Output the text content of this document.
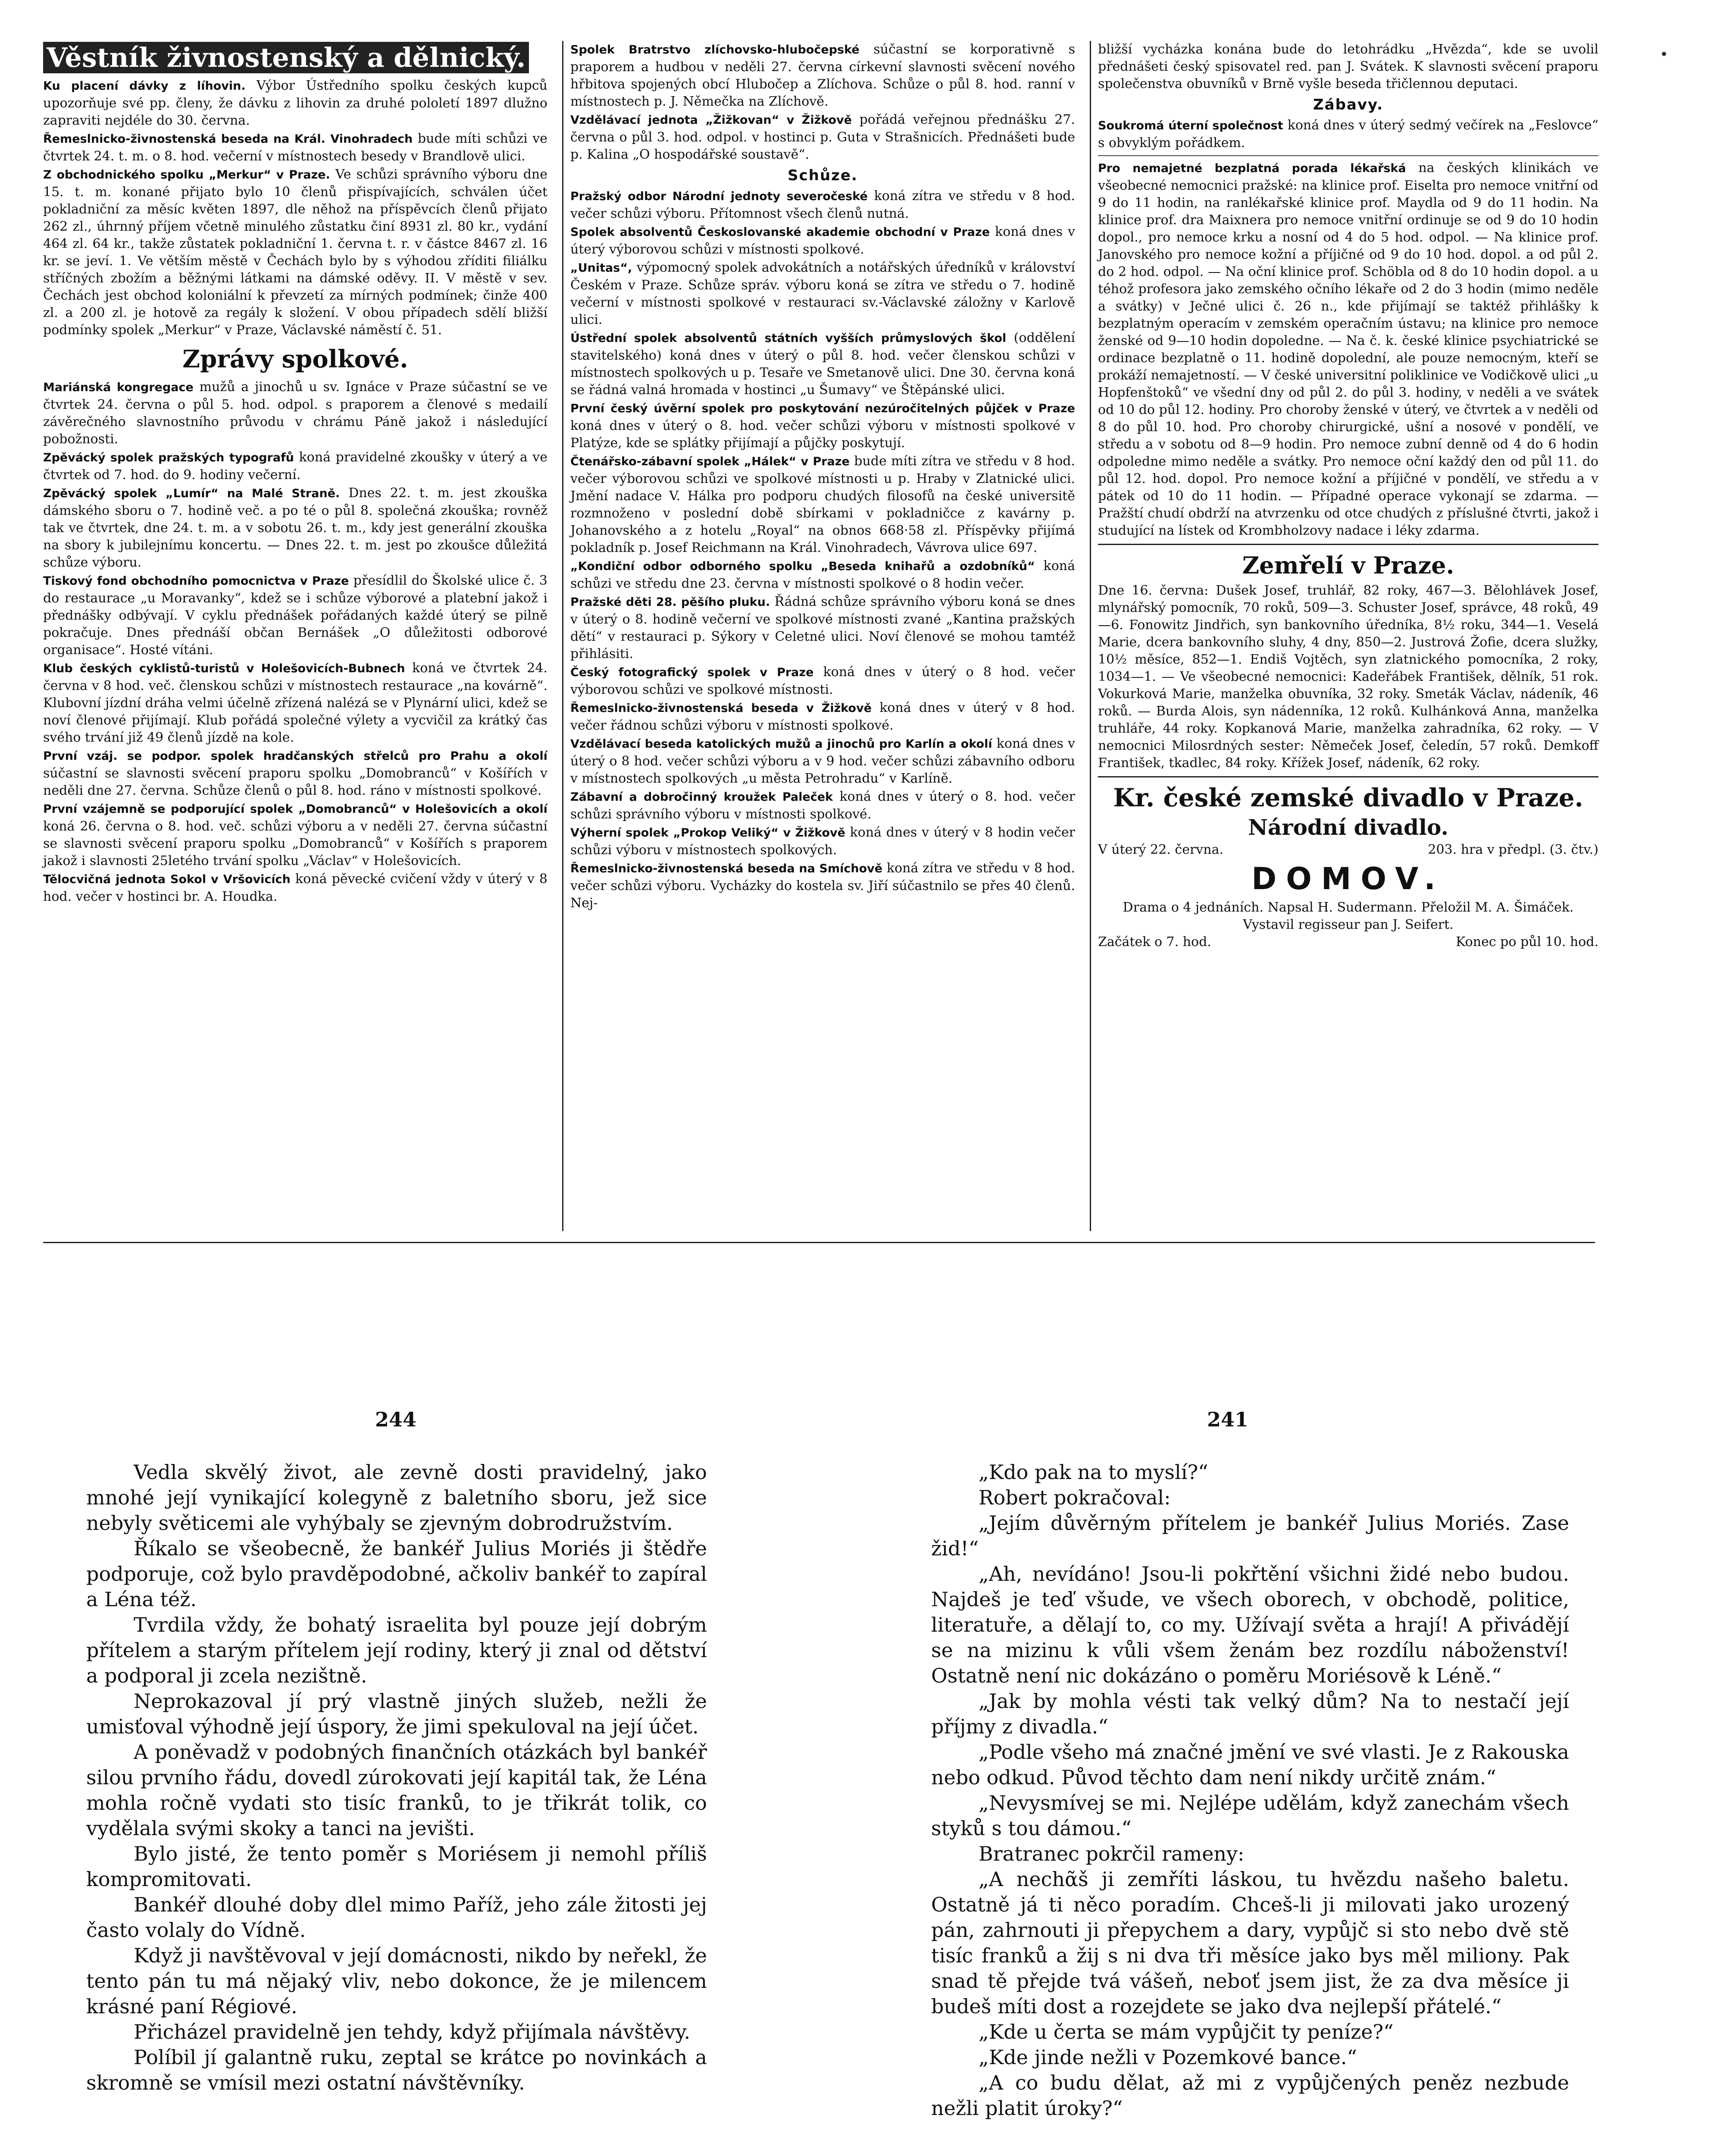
Věstník živnostenský a dělnický.

Ku placení dávky z líhovin. Výbor Ústředního spolku českých kupců upozorňuje své pp. členy, že dávku z lihovin za druhé pololetí 1897 dlužno zapraviti nejdéle do 30. června.

Řemeslnicko-živnostenská beseda na Král. Vinohradech bude míti schůzi ve čtvrtek 24. t. m. o 8. hod. večerní v místnostech besedy v Brandlově ulici.

Z obchodnického spolku „Merkur“ v Praze. Ve schůzi správního výboru dne 15. t. m. konané přijato bylo 10 členů přispívajících, schválen účet pokladniční za měsíc květen 1897, dle něhož na příspěvcích členů přijato 262 zl., úhrnný příjem včetně minulého zůstatku činí 8931 zl. 80 kr., vydání 464 zl. 64 kr., takže zůstatek pokladniční 1. června t. r. v částce 8467 zl. 16 kr. se jeví. 1. Ve větším městě v Čechách bylo by s výhodou zříditi filiálku stříčných zbožím a běžnými látkami na dámské oděvy. II. V městě v sev. Čechách jest obchod koloniální k převzetí za mírných podmínek; činže 400 zl. a 200 zl. je hotově za regály k složení. V obou případech sdělí bližší podmínky spolek „Merkur“ v Praze, Václavské náměstí č. 51.

Zprávy spolkové.

Mariánská kongregace mužů a jinochů u sv. Ignáce v Praze súčastní se ve čtvrtek 24. června o půl 5. hod. odpol. s praporem a členové s medailí závěrečného slavnostního průvodu v chrámu Páně jakož i následující pobožnosti.

Zpěvácký spolek pražských typografů koná pravidelné zkoušky v úterý a ve čtvrtek od 7. hod. do 9. hodiny večerní.

Zpěvácký spolek „Lumír“ na Malé Straně. Dnes 22. t. m. jest zkouška dámského sboru o 7. hodině več. a po té o půl 8. společná zkouška; rovněž tak ve čtvrtek, dne 24. t. m. a v sobotu 26. t. m., kdy jest generální zkouška na sbory k jubilejnímu koncertu. — Dnes 22. t. m. jest po zkoušce důležitá schůze výboru.

Tiskový fond obchodního pomocnictva v Praze přesídlil do Školské ulice č. 3 do restaurace „u Moravanky“, kdež se i schůze výborové a platební jakož i přednášky odbývají. V cyklu přednášek pořádaných každé úterý se pilně pokračuje. Dnes přednáší občan Bernášek „O důležitosti odborové organisace“. Hosté vítáni.

Klub českých cyklistů-turistů v Holešovicích-Bubnech koná ve čtvrtek 24. června v 8 hod. več. členskou schůzi v místnostech restaurace „na kovárně“. Klubovní jízdní dráha velmi účelně zřízená nalézá se v Plynární ulici, kdež se noví členové přijímají. Klub pořádá společné výlety a vycvičil za krátký čas svého trvání již 49 členů jízdě na kole.

První vzáj. se podpor. spolek hradčanských střelců pro Prahu a okolí súčastní se slavnosti svěcení praporu spolku „Domobranců“ v Košířích v neděli dne 27. června. Schůze členů o půl 8. hod. ráno v místnosti spolkové.

První vzájemně se podporující spolek „Domobranců“ v Holešovicích a okolí koná 26. června o 8. hod. več. schůzi výboru a v neděli 27. června súčastní se slavnosti svěcení praporu spolku „Domobranců“ v Košířích s praporem jakož i slavnosti 25letého trvání spolku „Václav“ v Holešovicích.

Tělocvičná jednota Sokol v Vršovicích koná pěvecké cvičení vždy v úterý v 8 hod. večer v hostinci br. A. Houdka.

Spolek Bratrstvo zlíchovsko-hlubočepské súčastní se korporativně s praporem a hudbou v neděli 27. června církevní slavnosti svěcení nového hřbitova spojených obcí Hlubočep a Zlíchova. Schůze o půl 8. hod. ranní v místnostech p. J. Němečka na Zlíchově.

Vzdělávací jednota „Žižkovan“ v Žižkově pořádá veřejnou přednášku 27. června o půl 3. hod. odpol. v hostinci p. Guta v Strašnicích. Přednášeti bude p. Kalina „O hospodářské soustavě“.

Schůze.

Pražský odbor Národní jednoty severočeské koná zítra ve středu v 8 hod. večer schůzi výboru. Přítomnost všech členů nutná.

Spolek absolventů Českoslovanské akademie obchodní v Praze koná dnes v úterý výborovou schůzi v místnosti spolkové.

„Unitas“, výpomocný spolek advokátních a notářských úředníků v království Českém v Praze. Schůze správ. výboru koná se zítra ve středu o 7. hodině večerní v místnosti spolkové v restauraci sv.-Václavské záložny v Karlově ulici.

Ústřední spolek absolventů státních vyšších průmyslových škol (oddělení stavitelského) koná dnes v úterý o půl 8. hod. večer členskou schůzi v místnostech spolkových u p. Tesaře ve Smetanově ulici. Dne 30. června koná se řádná valná hromada v hostinci „u Šumavy“ ve Štěpánské ulici.

První český úvěrní spolek pro poskytování nezúročitelných půjček v Praze koná dnes v úterý o 8. hod. večer schůzi výboru v místnosti spolkové v Platýze, kde se splátky přijímají a půjčky poskytují.

Čtenářsko-zábavní spolek „Hálek“ v Praze bude míti zítra ve středu v 8 hod. večer výborovou schůzi ve spolkové místnosti u p. Hraby v Zlatnické ulici. Jmění nadace V. Hálka pro podporu chudých filosofů na české universitě rozmnoženo v poslední době sbírkami v pokladničce z kavárny p. Johanovského a z hotelu „Royal“ na obnos 668·58 zl. Příspěvky přijímá pokladník p. Josef Reichmann na Král. Vinohradech, Vávrova ulice 697.

„Kondiční odbor odborného spolku „Beseda knihařů a ozdobníků“ koná schůzi ve středu dne 23. června v místnosti spolkové o 8 hodin večer.

Pražské děti 28. pěšího pluku. Řádná schůze správního výboru koná se dnes v úterý o 8. hodině večerní ve spolkové místnosti zvané „Kantina pražských dětí“ v restauraci p. Sýkory v Celetné ulici. Noví členové se mohou tamtéž přihlásiti.

Český fotografický spolek v Praze koná dnes v úterý o 8 hod. večer výborovou schůzi ve spolkové místnosti.

Řemeslnicko-živnostenská beseda v Žižkově koná dnes v úterý v 8 hod. večer řádnou schůzi výboru v místnosti spolkové.

Vzdělávací beseda katolických mužů a jinochů pro Karlín a okolí koná dnes v úterý o 8 hod. večer schůzi výboru a v 9 hod. večer schůzi zábavního odboru v místnostech spolkových „u města Petrohradu“ v Karlíně.

Zábavní a dobročinný kroužek Paleček koná dnes v úterý o 8. hod. večer schůzi správního výboru v místnosti spolkové.

Výherní spolek „Prokop Veliký“ v Žižkově koná dnes v úterý v 8 hodin večer schůzi výboru v místnostech spolkových.

Řemeslnicko-živnostenská beseda na Smíchově koná zítra ve středu v 8 hod. večer schůzi výboru. Vycházky do kostela sv. Jiří súčastnilo se přes 40 členů. Nej-

bližší vycházka konána bude do letohrádku „Hvězda“, kde se uvolil přednášeti český spisovatel red. pan J. Svátek. K slavnosti svěcení praporu společenstva obuvníků v Brně vyšle beseda třičlennou deputaci.

Zábavy.

Soukromá úterní společnost koná dnes v úterý sedmý večírek na „Feslovce“ s obvyklým pořádkem.

Pro nemajetné bezplatná porada lékařská na českých klinikách ve všeobecné nemocnici pražské: na klinice prof. Eiselta pro nemoce vnitřní od 9 do 11 hodin, na ranlékařské klinice prof. Maydla od 9 do 11 hodin. Na klinice prof. dra Maixnera pro nemoce vnitřní ordinuje se od 9 do 10 hodin dopol., pro nemoce krku a nosní od 4 do 5 hod. odpol. — Na klinice prof. Janovského pro nemoce kožní a příjičné od 9 do 10 hod. dopol. a od půl 2. do 2 hod. odpol. — Na oční klinice prof. Schöbla od 8 do 10 hodin dopol. a u téhož profesora jako zemského očního lékaře od 2 do 3 hodin (mimo neděle a svátky) v Ječné ulici č. 26 n., kde přijímají se taktéž přihlášky k bezplatným operacím v zemském operačním ústavu; na klinice pro nemoce ženské od 9—10 hodin dopoledne. — Na č. k. české klinice psychiatrické se ordinace bezplatně o 11. hodině dopolední, ale pouze nemocným, kteří se prokáží nemajetností. — V české universitní poliklinice ve Vodičkově ulici „u Hopfenštoků“ ve všední dny od půl 2. do půl 3. hodiny, v neděli a ve svátek od 10 do půl 12. hodiny. Pro choroby ženské v úterý, ve čtvrtek a v neděli od 8 do půl 10. hod. Pro choroby chirurgické, ušní a nosové v pondělí, ve středu a v sobotu od 8—9 hodin. Pro nemoce zubní denně od 4 do 6 hodin odpoledne mimo neděle a svátky. Pro nemoce oční každý den od půl 11. do půl 12. hod. dopol. Pro nemoce kožní a příjičné v pondělí, ve středu a v pátek od 10 do 11 hodin. — Případné operace vykonají se zdarma. — Pražští chudí obdrží na atvrzenku od otce chudých z příslušné čtvrti, jakož i studující na lístek od Krombholzovy nadace i léky zdarma.

Zemřelí v Praze.

Dne 16. června: Dušek Josef, truhlář, 82 roky, 467—3. Bělohlávek Josef, mlynářský pomocník, 70 roků, 509—3. Schuster Josef, správce, 48 roků, 49—6. Fonowitz Jindřich, syn bankovního úředníka, 8½ roku, 344—1. Veselá Marie, dcera bankovního sluhy, 4 dny, 850—2. Justrová Žofie, dcera služky, 10½ měsíce, 852—1. Endiš Vojtěch, syn zlatnického pomocníka, 2 roky, 1034—1. — Ve všeobecné nemocnici: Kadeřábek František, dělník, 51 rok. Vokurková Marie, manželka obuvníka, 32 roky. Smeták Václav, nádeník, 46 roků. — Burda Alois, syn nádenníka, 12 roků. Kulhánková Anna, manželka truhláře, 44 roky. Kopkanová Marie, manželka zahradníka, 62 roky. — V nemocnici Milosrdných sester: Němeček Josef, čeledín, 57 roků. Demkoff František, tkadlec, 84 roky. Křížek Josef, nádeník, 62 roky.

Kr. české zemské divadlo v Praze.
Národní divadlo.
V úterý 22. června.	203. hra v předpl. (3. čtv.)
DOMOV.
Drama o 4 jednáních. Napsal H. Sudermann. Přeložil M. A. Šimáček. Vystavil regisseur pan J. Seifert.
Začátek o 7. hod.	Konec po půl 10. hod.
244

Vedla skvělý život, ale zevně dosti pravidelný, jako mnohé její vynikající kolegyně z baletního sboru, jež sice nebyly světicemi ale vyhýbaly se zjevným dobrodružstvím.

Říkalo se všeobecně, že bankéř Julius Moriés ji štědře podporuje, což bylo pravděpodobné, ačkoliv bankéř to zapíral a Léna též.

Tvrdila vždy, že bohatý israelita byl pouze její dobrým přítelem a starým přítelem její rodiny, který ji znal od dětství a podporal ji zcela nezištně.

Neprokazoval jí prý vlastně jiných služeb, nežli že umisťoval výhodně její úspory, že jimi spekuloval na její účet.

A poněvadž v podobných finančních otázkách byl bankéř silou prvního řádu, dovedl zúrokovati její kapitál tak, že Léna mohla ročně vydati sto tisíc franků, to je třikrát tolik, co vydělala svými skoky a tanci na jevišti.

Bylo jisté, že tento poměr s Moriésem ji nemohl příliš kompromitovati.

Bankéř dlouhé doby dlel mimo Paříž, jeho zále žitosti jej často volaly do Vídně.

Když ji navštěvoval v její domácnosti, nikdo by neřekl, že tento pán tu má nějaký vliv, nebo dokonce, že je milencem krásné paní Régiové.

Přicházel pravidelně jen tehdy, když přijímala návštěvy.

Políbil jí galantně ruku, zeptal se krátce po novinkách a skromně se vmísil mezi ostatní návštěvníky.

241

„Kdo pak na to myslí?“

Robert pokračoval:

„Jejím důvěrným přítelem je bankéř Julius Moriés. Zase žid!“

„Ah, nevídáno! Jsou-li pokřtění všichni židé nebo budou. Najdeš je teď všude, ve všech oborech, v obchodě, politice, literatuře, a dělají to, co my. Užívají světa a hrají! A přivádějí se na mizinu k vůli všem ženám bez rozdílu náboženství! Ostatně není nic dokázáno o poměru Moriésově k Léně.“

„Jak by mohla vésti tak velký dům? Na to nestačí její příjmy z divadla.“

„Podle všeho má značné jmění ve své vlasti. Je z Rakouska nebo odkud. Původ těchto dam není nikdy určitě znám.“

„Nevysmívej se mi. Nejlépe udělám, když zanechám všech styků s tou dámou.“

Bratranec pokrčil rameny:

„A nechᾶš ji zemříti láskou, tu hvězdu našeho baletu. Ostatně já ti něco poradím. Chceš-li ji milovati jako urozený pán, zahrnouti ji přepychem a dary, vypůjč si sto nebo dvě stě tisíc franků a žij s ni dva tři měsíce jako bys měl miliony. Pak snad tě přejde tvá vášeň, neboť jsem jist, že za dva měsíce ji budeš míti dost a rozejdete se jako dva nejlepší přátelé.“

„Kde u čerta se mám vypůjčit ty peníze?“

„Kde jinde nežli v Pozemkové bance.“

„A co budu dělat, až mi z vypůjčených peněz nezbude nežli platit úroky?“
